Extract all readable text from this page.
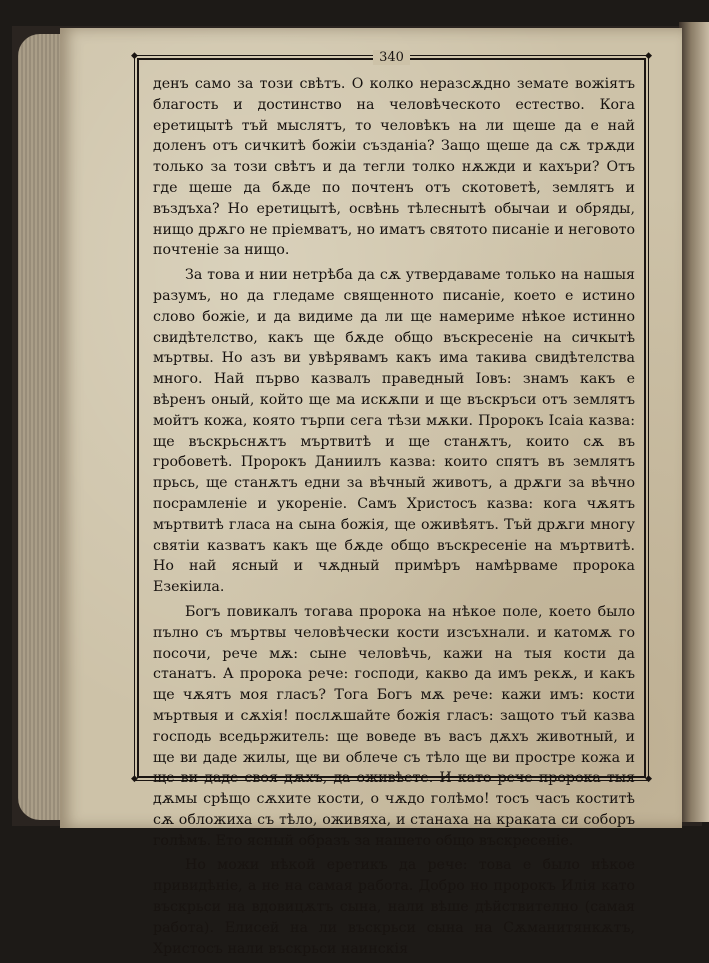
340
◆	◆
◆	◆

денъ само за този свѣтъ. О колко неразсѫдно земате вожіятъ благость и достинство на человѣческото естество. Кога еретицытѣ тъй мыслятъ, то человѣкъ на ли щеше да е най доленъ отъ сичкитѣ божіи създаніа? Защо щеше да сѫ трѫди только за този свѣтъ и да тегли толко нѫжди и кахъри? Отъ где щеше да бѫде по почтенъ отъ скотоветѣ, землятъ и въздъха? Но еретицытѣ, освѣнь тѣлеснытѣ обычаи и обряды, нищо дрѫго не пріемватъ, но иматъ святото писаніе и неговото почтеніе за нищо.

За това и нии нетрѣба да сѫ утвердаваме только на нашыя разумъ, но да гледаме священното писаніе, което е истино слово божіе, и да видиме да ли ще намериме нѣкое истинно свидѣтелство, какъ ще бѫде общо въскресеніе на сичкытѣ мъртвы. Но азъ ви увѣрявамъ какъ има такива свидѣтелства много. Най първо казвалъ праведный Іовъ: знамъ какъ е вѣренъ оный, който ще ма искѫпи и ще въскръси отъ землятъ мойтъ кожа, която търпи сега тѣзи мѫки. Пророкъ Ісаіа казва: ще въскрьснѫтъ мъртвитѣ и ще станѫтъ, които сѫ въ гробоветѣ. Пророкъ Даниилъ казва: които спятъ въ землятъ прьсь, ще станѫтъ едни за вѣчный животъ, а дрѫги за вѣчно посрамленіе и укореніе. Самъ Христосъ казва: кога чѫятъ мъртвитѣ гласа на сына божія, ще оживѣятъ. Тъй дрѫги многу святіи казватъ какъ ще бѫде общо въскресеніе на мъртвитѣ. Но най ясный и чѫдный примѣръ намѣрваме пророка Езекіила.

Богъ повикалъ тогава пророка на нѣкое поле, което было пълно съ мъртвы человѣчески кости изсъхнали. и катомѫ го посочи, рече мѫ: сыне человѣчь, кажи на тыя кости да станатъ. А пророка рече: господи, какво да имъ рекѫ, и какъ ще чѫятъ моя гласъ? Тога Богъ мѫ рече: кажи имъ: кости мъртвыя и сѫхія! послѫшайте божія гласъ: защото тъй казва господь вседьржитель: ще воведе въ васъ дѫхъ животный, и ще ви даде жилы, ще ви облече съ тѣло ще ви простре кожа и ще ви даде своя дѫхъ, да оживѣете. И като рече пророка тыя дѫмы срѣщо сѫхите кости, о чѫдо голѣмо! тосъ часъ коститѣ сѫ обложиха съ тѣло, оживяха, и станаха на краката си соборъ голѣмъ. Ето ясный образъ за нашето общо въскресеніе.

Но можи нѣкой еретикъ да рече: това е было нѣкое привидѣніе, а не на самая работа. Добро но пророкъ Илія като въскрьси на вдовицѫтъ сына, нали вѣше дѣйствително (самая работа). Елисей на ли въскрьси сына на Сѫманитянкѫтъ, Христосъ нали въскрьси наинскія
